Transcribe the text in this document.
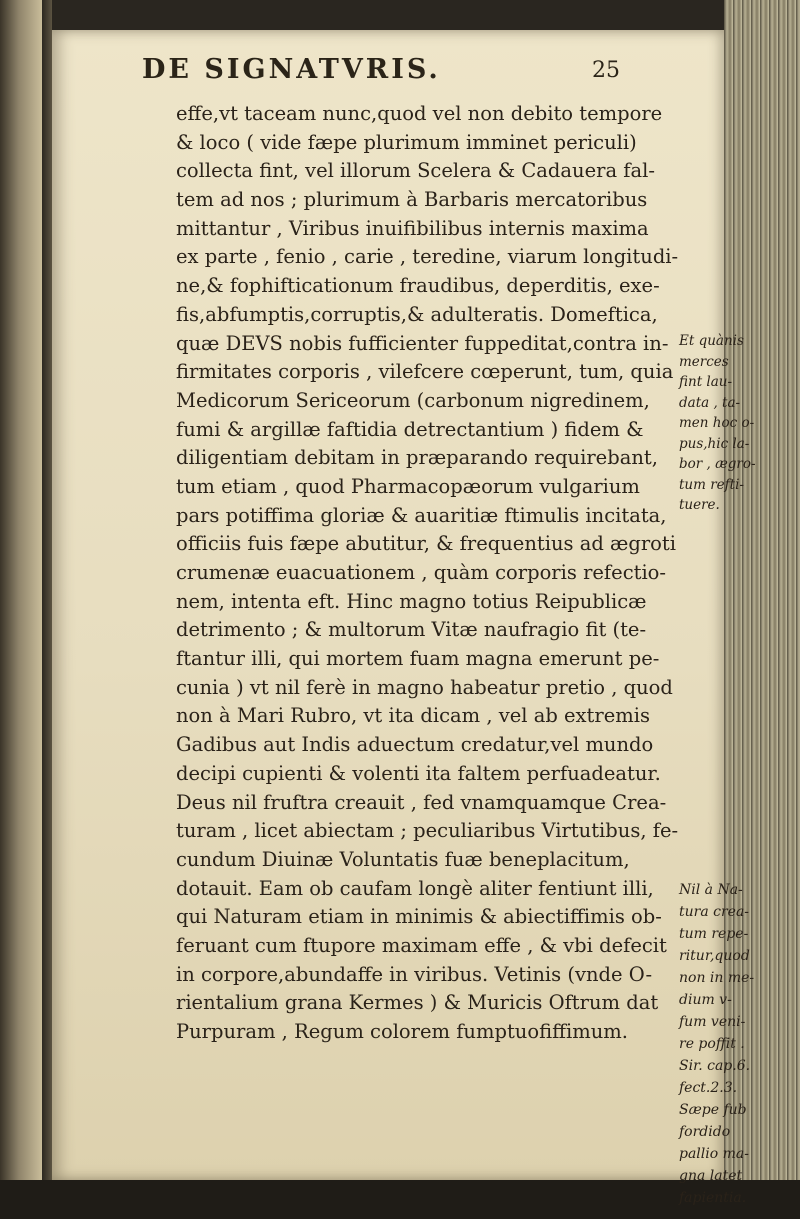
DE SIGNATVRIS.	25
effe,vt taceam nunc,quod vel non debito tempore
& loco ( vide fæpe plurimum imminet periculi)
collecta fint, vel illorum Scelera & Cadauera fal-
tem ad nos ; plurimum à Barbaris mercatoribus
mittantur , Viribus inuifibilibus internis maxima
ex parte , fenio , carie , teredine, viarum longitudi-
ne,& fophifticationum fraudibus, deperditis, exe-
fis,abfumptis,corruptis,& adulteratis. Domeftica,
quæ DEVS nobis fufficienter fuppeditat,contra in-
firmitates corporis , vilefcere cœperunt, tum, quia
Medicorum Sericeorum (carbonum nigredinem,
fumi & argillæ faftidia detrectantium ) fidem &
diligentiam debitam in præparando requirebant,
tum etiam , quod Pharmacopæorum vulgarium
pars potiffima gloriæ & auaritiæ ftimulis incitata,
officiis fuis fæpe abutitur, & frequentius ad ægroti
crumenæ euacuationem , quàm corporis refectio-
nem, intenta eft. Hinc magno totius Reipublicæ
detrimento ; & multorum Vitæ naufragio fit (te-
ftantur illi, qui mortem fuam magna emerunt pe-
cunia ) vt nil ferè in magno habeatur pretio , quod
non à Mari Rubro, vt ita dicam , vel ab extremis
Gadibus aut Indis aduectum credatur,vel mundo
decipi cupienti & volenti ita faltem perfuadeatur.
Deus nil fruftra creauit , fed vnamquamque Crea-
turam , licet abiectam ; peculiaribus Virtutibus, fe-
cundum Diuinæ Voluntatis fuæ beneplacitum,
dotauit. Eam ob caufam longè aliter fentiunt illi,
qui Naturam etiam in minimis & abiectiffimis ob-
feruant cum ftupore maximam effe , & vbi defecit
in corpore,abundaffe in viribus. Vetinis (vnde O-
rientalium grana Kermes ) & Muricis Oftrum dat
Purpuram , Regum colorem fumptuofiffimum.
Et quànis
merces
fint lau-
data , ta-
men hoc o-
pus,hic la-
bor , ægro-
tum refti-
tuere.
Nil à Na-
tura crea-
tum repe-
ritur,quod
non in me-
dium v-
fum veni-
re poffit .
Sir. cap.6.
fect.2.3.
Sæpe fub
fordido
pallio ma-
gna latet
fapientia.
